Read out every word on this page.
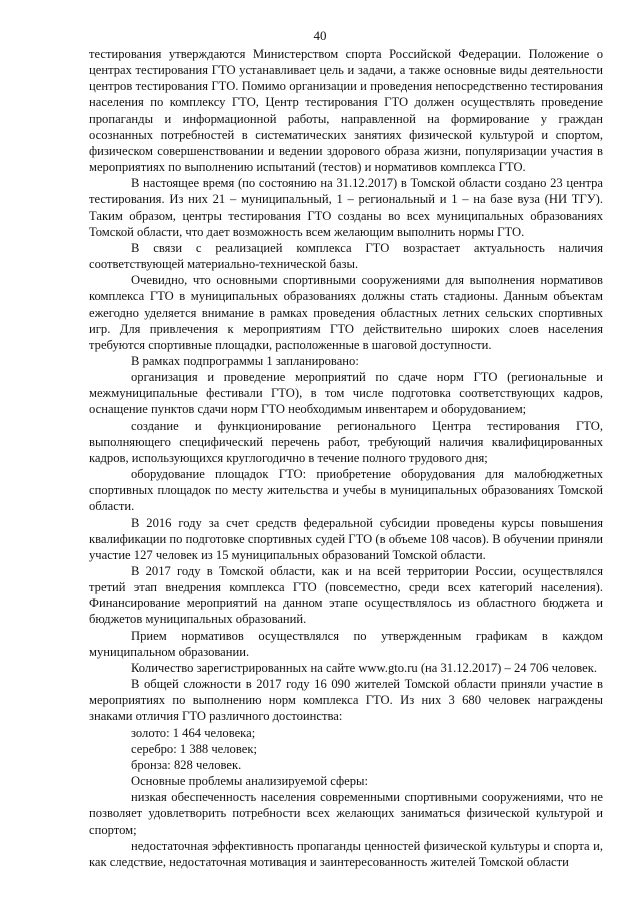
40

тестирования утверждаются Министерством спорта Российской Федерации. Положение о центрах тестирования ГТО устанавливает цель и задачи, а также основные виды деятельности центров тестирования ГТО. Помимо организации и проведения непосредственно тестирования населения по комплексу ГТО, Центр тестирования ГТО должен осуществлять проведение пропаганды и информационной работы, направленной на формирование у граждан осознанных потребностей в систематических занятиях физической культурой и спортом, физическом совершенствовании и ведении здорового образа жизни, популяризации участия в мероприятиях по выполнению испытаний (тестов) и нормативов комплекса ГТО.

В настоящее время (по состоянию на 31.12.2017) в Томской области создано 23 центра тестирования. Из них 21 – муниципальный, 1 – региональный и 1 – на базе вуза (НИ ТГУ). Таким образом, центры тестирования ГТО созданы во всех муниципальных образованиях Томской области, что дает возможность всем желающим выполнить нормы ГТО.

В связи с реализацией комплекса ГТО возрастает актуальность наличия соответствующей материально-технической базы.

Очевидно, что основными спортивными сооружениями для выполнения нормативов комплекса ГТО в муниципальных образованиях должны стать стадионы. Данным объектам ежегодно уделяется внимание в рамках проведения областных летних сельских спортивных игр. Для привлечения к мероприятиям ГТО действительно широких слоев населения требуются спортивные площадки, расположенные в шаговой доступности.

В рамках подпрограммы 1 запланировано:

организация и проведение мероприятий по сдаче норм ГТО (региональные и межмуниципальные фестивали ГТО), в том числе подготовка соответствующих кадров, оснащение пунктов сдачи норм ГТО необходимым инвентарем и оборудованием;

создание и функционирование регионального Центра тестирования ГТО, выполняющего специфический перечень работ, требующий наличия квалифицированных кадров, использующихся круглогодично в течение полного трудового дня;

оборудование площадок ГТО: приобретение оборудования для малобюджетных спортивных площадок по месту жительства и учебы в муниципальных образованиях Томской области.

В 2016 году за счет средств федеральной субсидии проведены курсы повышения квалификации по подготовке спортивных судей ГТО (в объеме 108 часов). В обучении приняли участие 127 человек из 15 муниципальных образований Томской области.

В 2017 году в Томской области, как и на всей территории России, осуществлялся третий этап внедрения комплекса ГТО (повсеместно, среди всех категорий населения). Финансирование мероприятий на данном этапе осуществлялось из областного бюджета и бюджетов муниципальных образований.

Прием нормативов осуществлялся по утвержденным графикам в каждом муниципальном образовании.

Количество зарегистрированных на сайте www.gto.ru (на 31.12.2017) – 24 706 человек.

В общей сложности в 2017 году 16 090 жителей Томской области приняли участие в мероприятиях по выполнению норм комплекса ГТО. Из них 3 680 человек награждены знаками отличия ГТО различного достоинства:

золото: 1 464 человека;

серебро: 1 388 человек;

бронза: 828 человек.

Основные проблемы анализируемой сферы:

низкая обеспеченность населения современными спортивными сооружениями, что не позволяет удовлетворить потребности всех желающих заниматься физической культурой и спортом;

недостаточная эффективность пропаганды ценностей физической культуры и спорта и, как следствие, недостаточная мотивация и заинтересованность жителей Томской области
